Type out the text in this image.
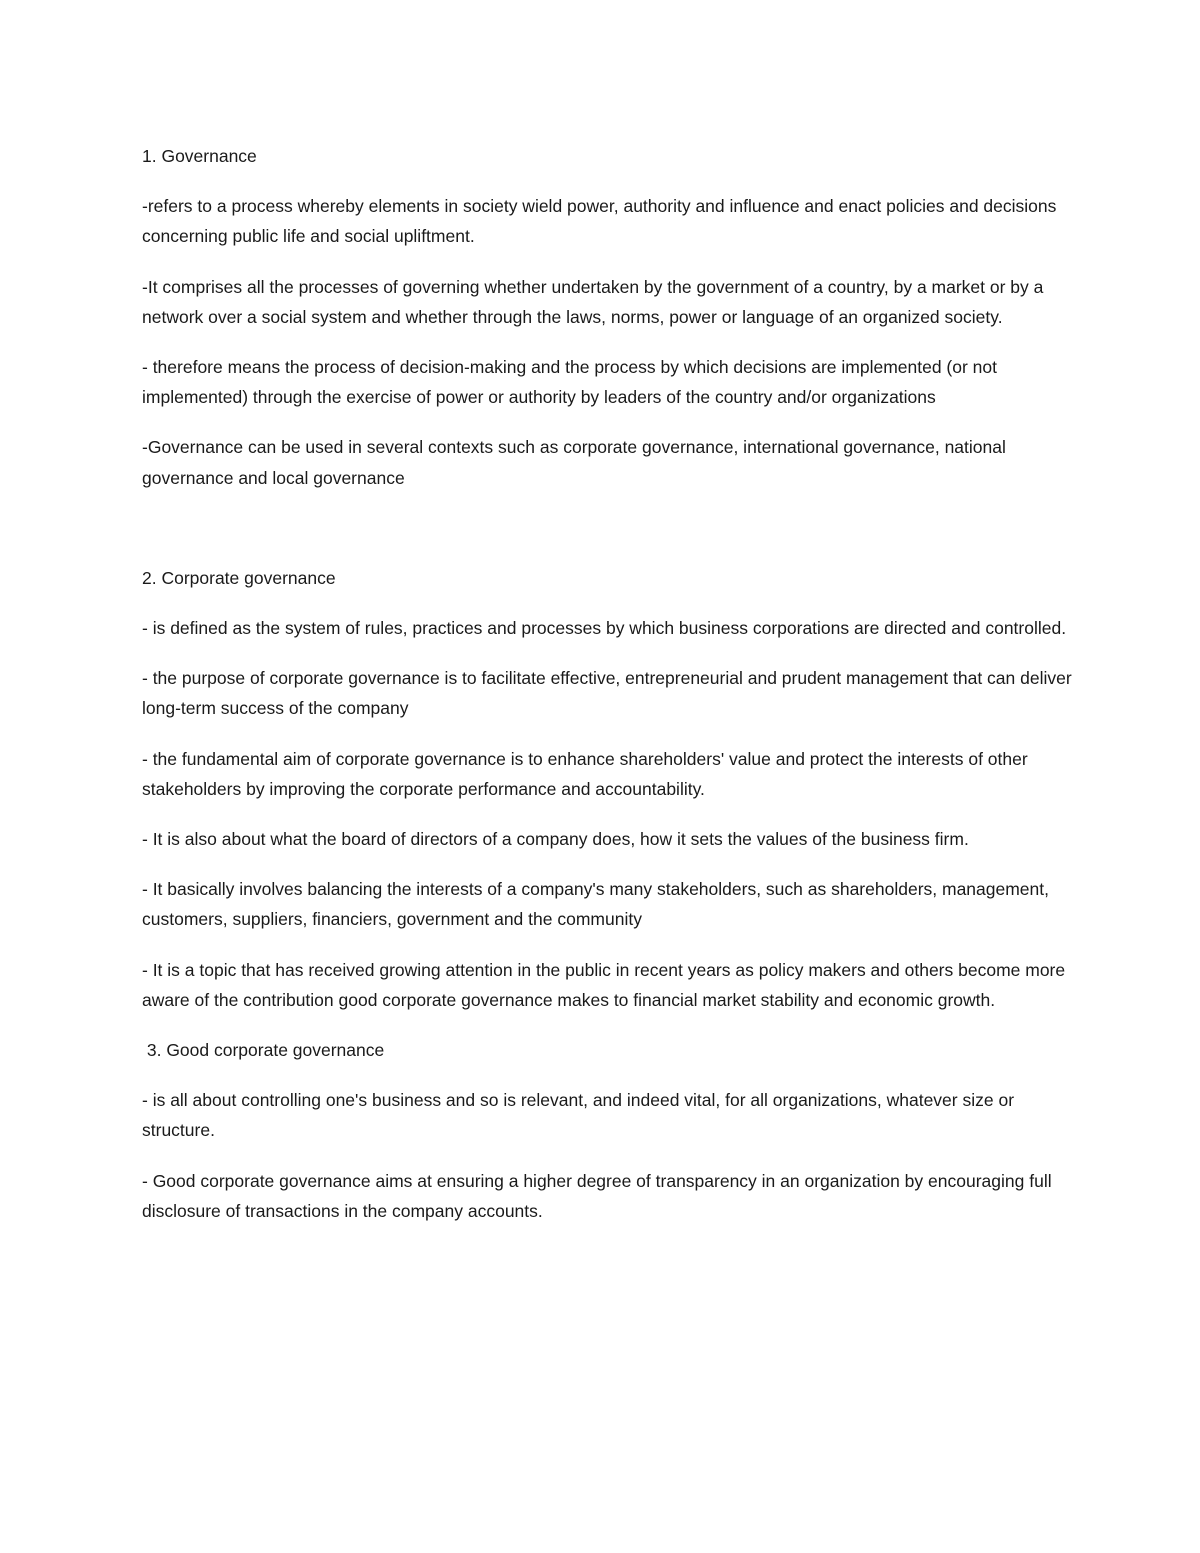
1. Governance

-refers to a process whereby elements in society wield power, authority and influence and enact policies and decisions concerning public life and social upliftment.

-It comprises all the processes of governing whether undertaken by the government of a country, by a market or by a network over a social system and whether through the laws, norms, power or language of an organized society.

- therefore means the process of decision-making and the process by which decisions are implemented (or not implemented) through the exercise of power or authority by leaders of the country and/or organizations

-Governance can be used in several contexts such as corporate governance, international governance, national governance and local governance

2. Corporate governance

- is defined as the system of rules, practices and processes by which business corporations are directed and controlled.

- the purpose of corporate governance is to facilitate effective, entrepreneurial and prudent management that can deliver long-term success of the company

- the fundamental aim of corporate governance is to enhance shareholders' value and protect the interests of other stakeholders by improving the corporate performance and accountability.

- It is also about what the board of directors of a company does, how it sets the values of the business firm.

- It basically involves balancing the interests of a company's many stakeholders, such as shareholders, management, customers, suppliers, financiers, government and the community

- It is a topic that has received growing attention in the public in recent years as policy makers and others become more aware of the contribution good corporate governance makes to financial market stability and economic growth.

3. Good corporate governance

- is all about controlling one's business and so is relevant, and indeed vital, for all organizations, whatever size or structure.

- Good corporate governance aims at ensuring a higher degree of transparency in an organization by encouraging full disclosure of transactions in the company accounts.
